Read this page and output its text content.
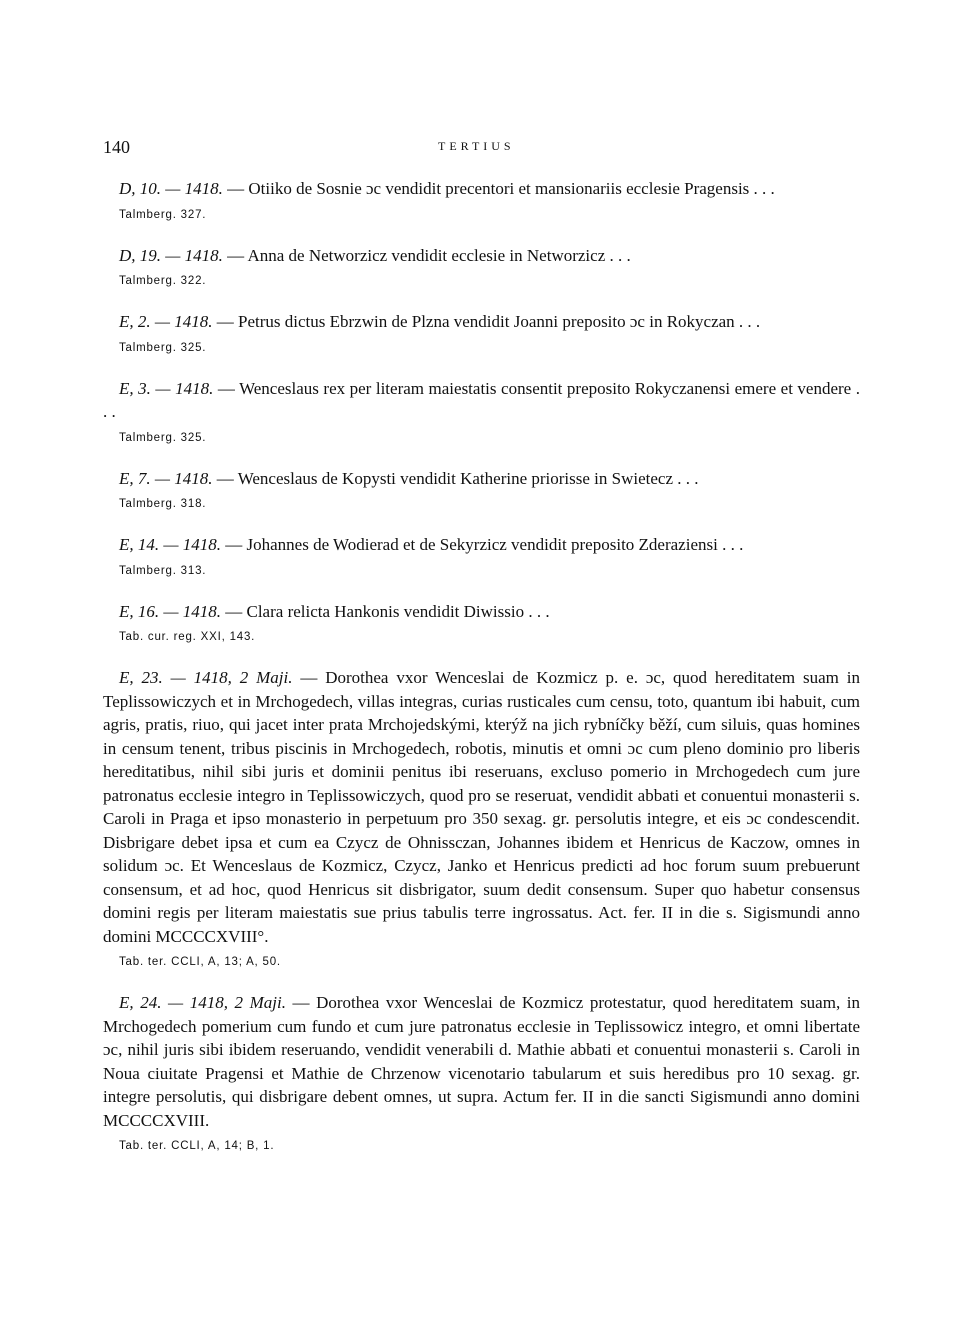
140	TERTIUS

D, 10. — 1418. — Otiiko de Sosnie ɔc vendidit precentori et mansionariis ecclesie Pragensis . . .

Talmberg. 327.

D, 19. — 1418. — Anna de Networzicz vendidit ecclesie in Networzicz . . .

Talmberg. 322.

E, 2. — 1418. — Petrus dictus Ebrzwin de Plzna vendidit Joanni preposito ɔc in Rokyczan . . .

Talmberg. 325.

E, 3. — 1418. — Wenceslaus rex per literam maiestatis consentit preposito Rokyczanensi emere et vendere . . .

Talmberg. 325.

E, 7. — 1418. — Wenceslaus de Kopysti vendidit Katherine priorisse in Swietecz . . .

Talmberg. 318.

E, 14. — 1418. — Johannes de Wodierad et de Sekyrzicz vendidit preposito Zderaziensi . . .

Talmberg. 313.

E, 16. — 1418. — Clara relicta Hankonis vendidit Diwissio . . .

Tab. cur. reg. XXI, 143.

E, 23. — 1418, 2 Maji. — Dorothea vxor Wenceslai de Kozmicz p. e. ɔc, quod hereditatem suam in Teplissowiczych et in Mrchogedech, villas integras, curias rusticales cum censu, toto, quantum ibi habuit, cum agris, pratis, riuo, qui jacet inter prata Mrchojedskými, kterýž na jich rybníčky běží, cum siluis, quas homines in censum tenent, tribus piscinis in Mrchogedech, robotis, minutis et omni ɔc cum pleno dominio pro liberis hereditatibus, nihil sibi juris et dominii penitus ibi reseruans, excluso pomerio in Mrchogedech cum jure patronatus ecclesie integro in Teplissowiczych, quod pro se reseruat, vendidit abbati et conuentui monasterii s. Caroli in Praga et ipso monasterio in perpetuum pro 350 sexag. gr. persolutis integre, et eis ɔc condescendit. Disbrigare debet ipsa et cum ea Czycz de Ohnissczan, Johannes ibidem et Henricus de Kaczow, omnes in solidum ɔc. Et Wenceslaus de Kozmicz, Czycz, Janko et Henricus predicti ad hoc forum suum prebuerunt consensum, et ad hoc, quod Henricus sit disbrigator, suum dedit consensum. Super quo habetur consensus domini regis per literam maiestatis sue prius tabulis terre ingrossatus. Act. fer. II in die s. Sigismundi anno domini MCCCCXVIII°.

Tab. ter. CCLI, A, 13; A, 50.

E, 24. — 1418, 2 Maji. — Dorothea vxor Wenceslai de Kozmicz protestatur, quod hereditatem suam, in Mrchogedech pomerium cum fundo et cum jure patronatus ecclesie in Teplissowicz integro, et omni libertate ɔc, nihil juris sibi ibidem reseruando, vendidit venerabili d. Mathie abbati et conuentui monasterii s. Caroli in Noua ciuitate Pragensi et Mathie de Chrzenow vicenotario tabularum et suis heredibus pro 10 sexag. gr. integre persolutis, qui disbrigare debent omnes, ut supra. Actum fer. II in die sancti Sigismundi anno domini MCCCCXVIII.

Tab. ter. CCLI, A, 14; B, 1.
